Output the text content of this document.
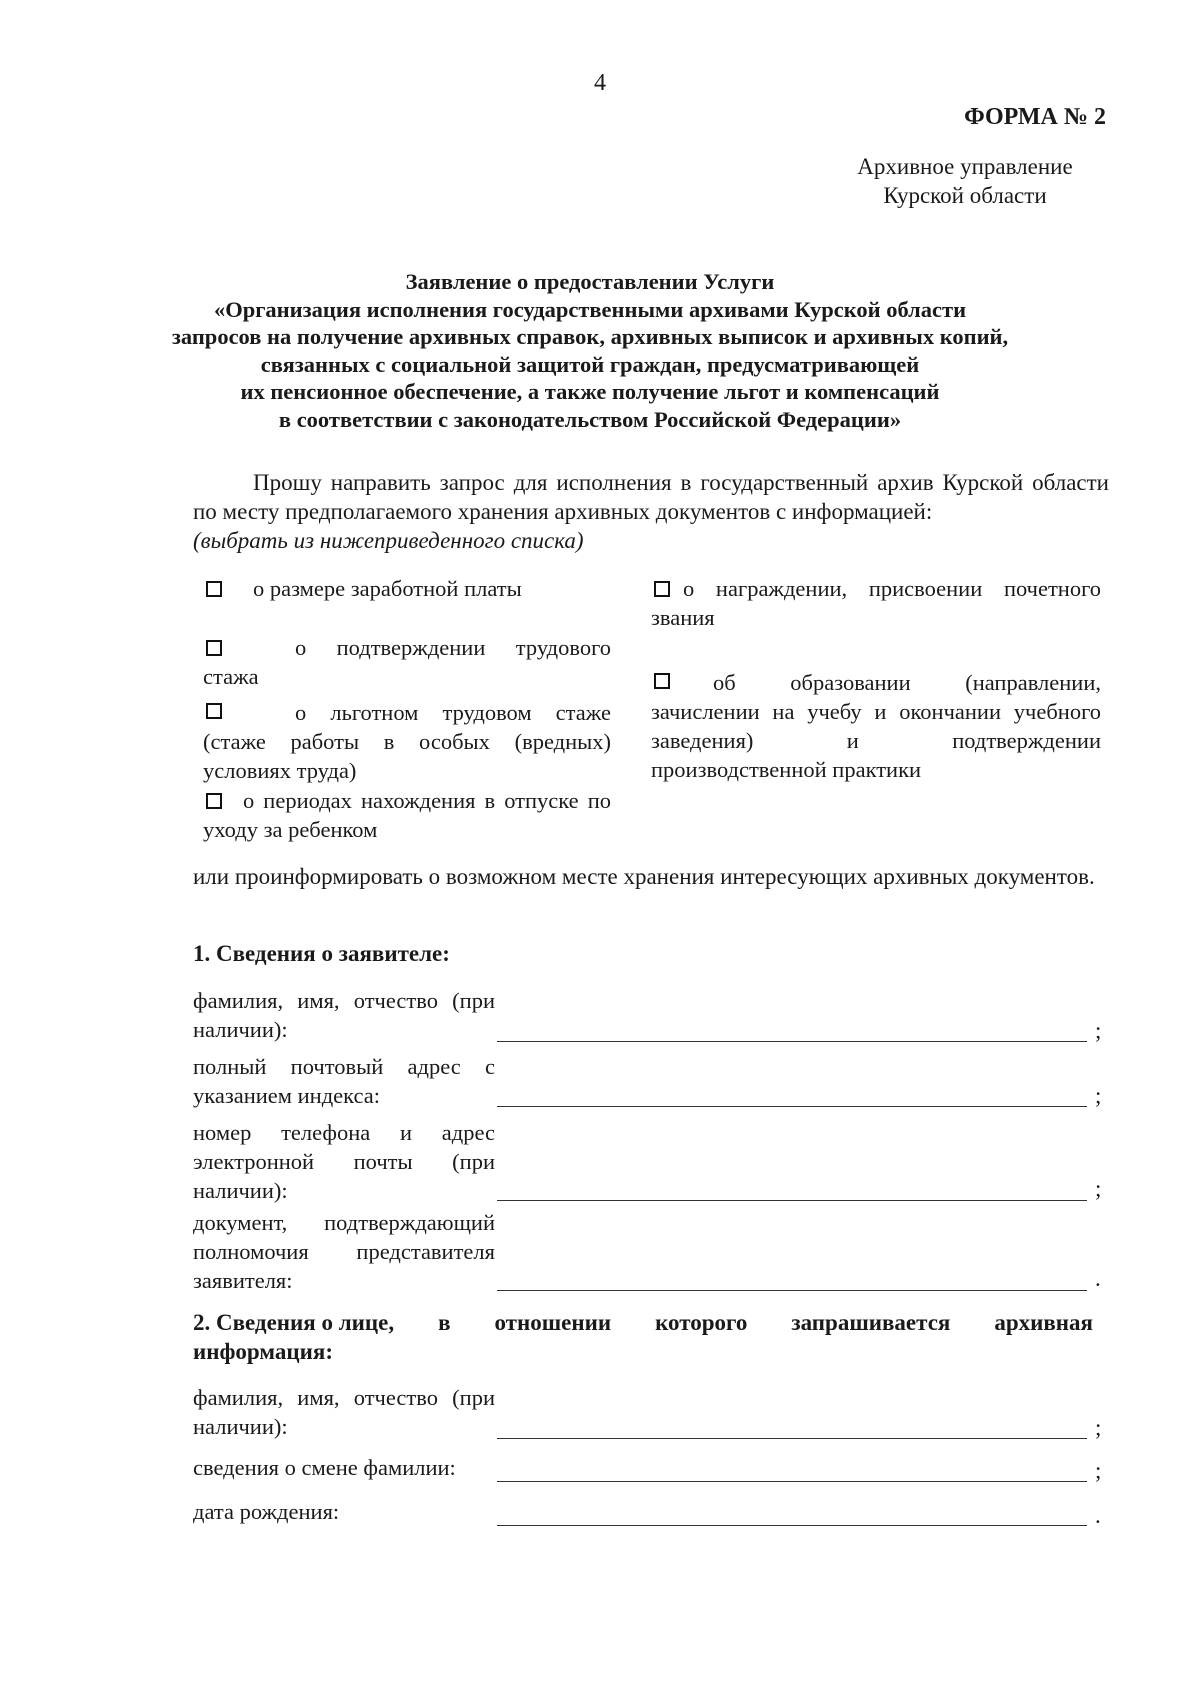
4
ФОРМА № 2
Архивное управление
Курской области
Заявление о предоставлении Услуги
«Организация исполнения государственными архивами Курской области
запросов на получение архивных справок, архивных выписок и архивных копий,
связанных с социальной защитой граждан, предусматривающей
их пенсионное обеспечение, а также получение льгот и компенсаций
в соответствии с законодательством Российской Федерации»
Прошу направить запрос для исполнения в государственный архив Курской области по месту предполагаемого хранения архивных документов с информацией:
(выбрать из нижеприведенного списка)
о размере заработной платы
о подтверждении трудового стажа
о льготном трудовом стаже (стаже работы в особых (вредных) условиях труда)
о периодах нахождения в отпуске по уходу за ребенком
о награждении, присвоении почетного звания
об образовании (направлении, зачислении на учебу и окончании учебного заведения) и подтверждении производственной практики
или проинформировать о возможном месте хранения интересующих архивных документов.
1. Сведения о заявителе:
фамилия, имя, отчество (при наличии):	;
полный почтовый адрес с указанием индекса:	;
номер телефона и адрес электронной почты (при наличии):	;
документ, подтверждающий полномочия представителя заявителя:	.
2. Сведения о лице, в отношении которого запрашивается архивная
информация:
фамилия, имя, отчество (при наличии):	;
сведения о смене фамилии:	;
дата рождения:	.
